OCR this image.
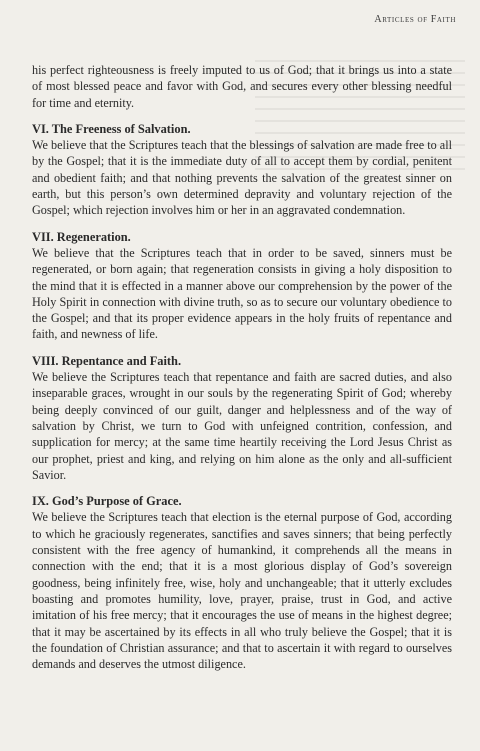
Articles of Faith

his perfect righteousness is freely imputed to us of God; that it brings us into a state of most blessed peace and favor with God, and secures every other blessing needful for time and eternity.

VI. The Freeness of Salvation.

We believe that the Scriptures teach that the blessings of salvation are made free to all by the Gospel; that it is the immediate duty of all to accept them by cordial, penitent and obedient faith; and that nothing prevents the salvation of the greatest sinner on earth, but this person’s own determined depravity and voluntary rejection of the Gospel; which rejection involves him or her in an aggravated condemnation.

VII. Regeneration.

We believe that the Scriptures teach that in order to be saved, sinners must be regenerated, or born again; that regeneration consists in giving a holy disposition to the mind that it is effected in a manner above our comprehension by the power of the Holy Spirit in connection with divine truth, so as to secure our voluntary obedience to the Gospel; and that its proper evidence appears in the holy fruits of repentance and faith, and newness of life.

VIII. Repentance and Faith.

We believe the Scriptures teach that repentance and faith are sacred duties, and also inseparable graces, wrought in our souls by the regenerating Spirit of God; whereby being deeply convinced of our guilt, danger and helplessness and of the way of salvation by Christ, we turn to God with unfeigned contrition, confession, and supplication for mercy; at the same time heartily receiving the Lord Jesus Christ as our prophet, priest and king, and relying on him alone as the only and all-sufficient Savior.

IX. God’s Purpose of Grace.

We believe the Scriptures teach that election is the eternal purpose of God, according to which he graciously regenerates, sanctifies and saves sinners; that being perfectly consistent with the free agency of humankind, it comprehends all the means in connection with the end; that it is a most glorious display of God’s sovereign goodness, being infinitely free, wise, holy and unchangeable; that it utterly excludes boasting and promotes humility, love, prayer, praise, trust in God, and active imitation of his free mercy; that it encourages the use of means in the highest degree; that it may be ascertained by its effects in all who truly believe the Gospel; that it is the foundation of Christian assurance; and that to ascertain it with regard to ourselves demands and deserves the utmost diligence.
